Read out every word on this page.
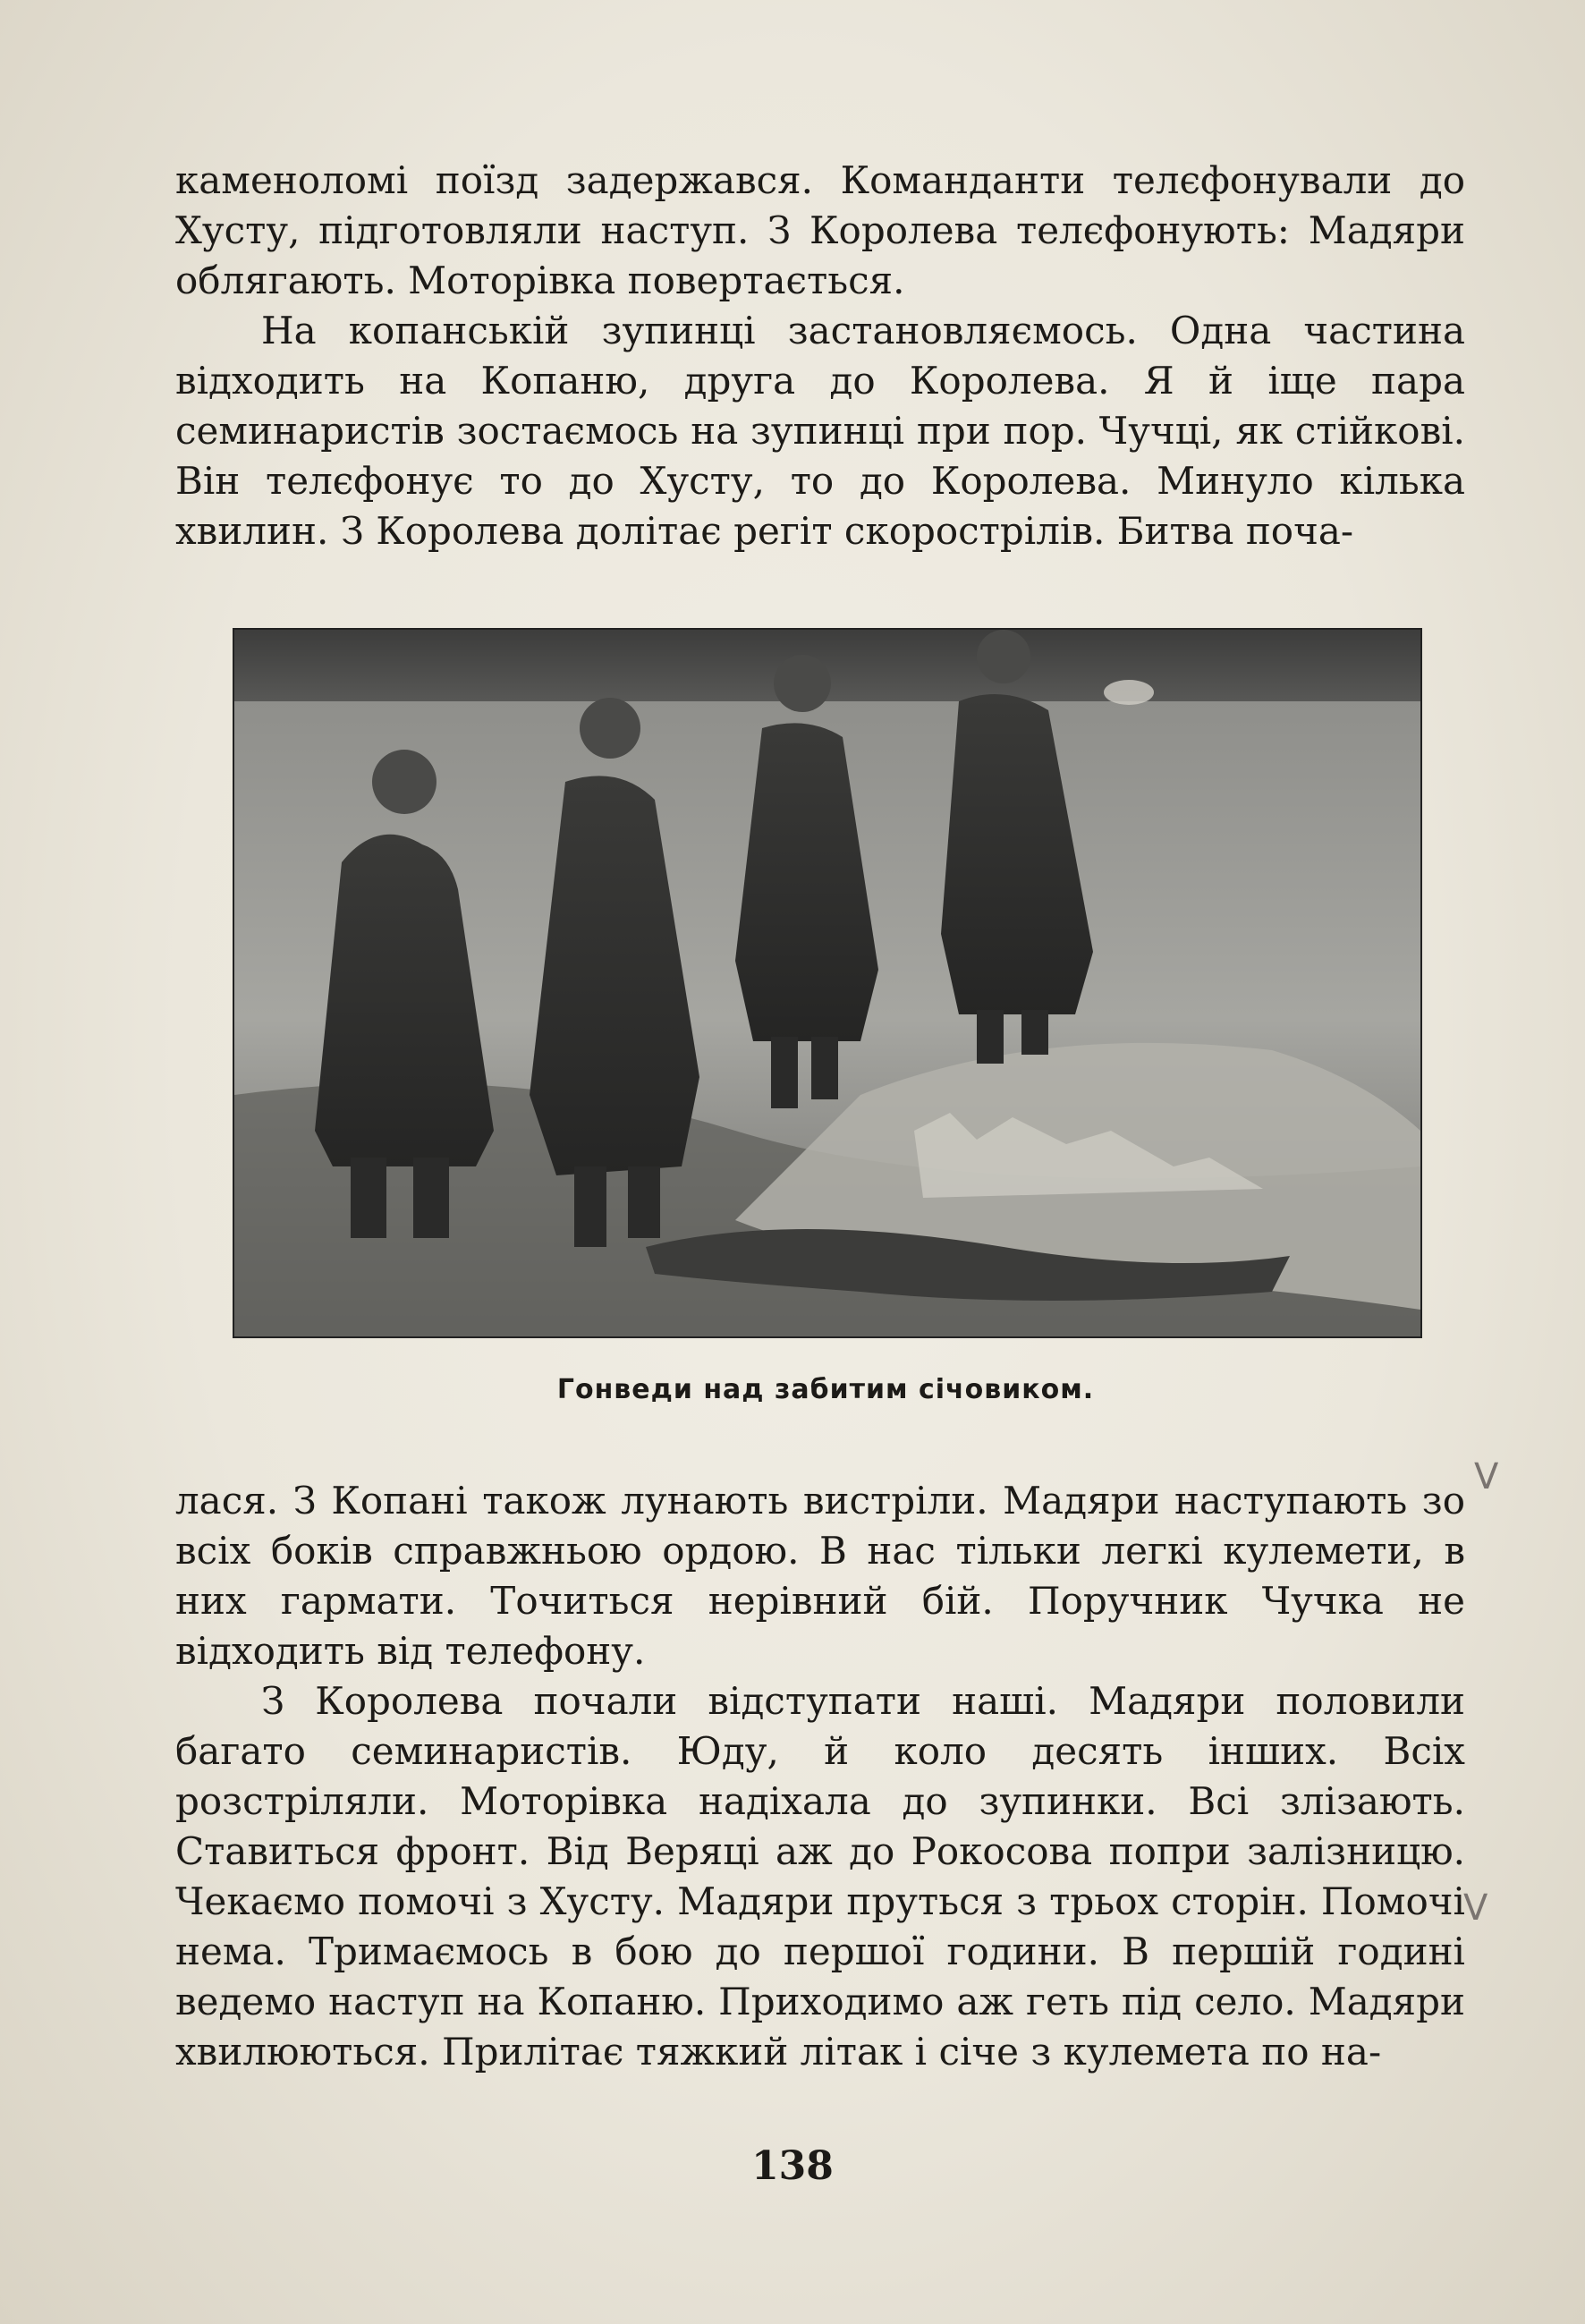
каменоломі поїзд задержався. Команданти телєфонували до Хусту, підготовляли наступ. З Королева телєфонують: Мадяри облягають. Моторівка повертається.

На копанській зупинці застановляємось. Одна частина відходить на Копаню, друга до Королева. Я й іще пара семинаристів зостаємось на зупинці при пор. Чучці, як стійкові. Він телєфонує то до Хусту, то до Королева. Минуло кілька хвилин. З Королева долітає регіт скорострілів. Битва поча-

Гонведи над забитим січовиком.

лася. З Копані також лунають вистріли. Мадяри наступають зо всіх боків справжньою ордою. В нас тільки легкі кулемети, в них гармати. Точиться нерівний бій. Поручник Чучка не відходить від телефону.

З Королева почали відступати наші. Мадяри половили багато семинаристів. Юду, й коло десять інших. Всіх розстріляли. Моторівка надіхала до зупинки. Всі злізають. Ставиться фронт. Від Веряці аж до Рокосова попри залізницю. Чекаємо помочі з Хусту. Мадяри пруться з трьох сторін. Помочі нема. Тримаємось в бою до першої години. В першій годині ведемо наступ на Копаню. Приходимо аж геть під село. Мадяри хвилюються. Прилітає тяжкий літак і січе з кулемета по на-

V
V
138
